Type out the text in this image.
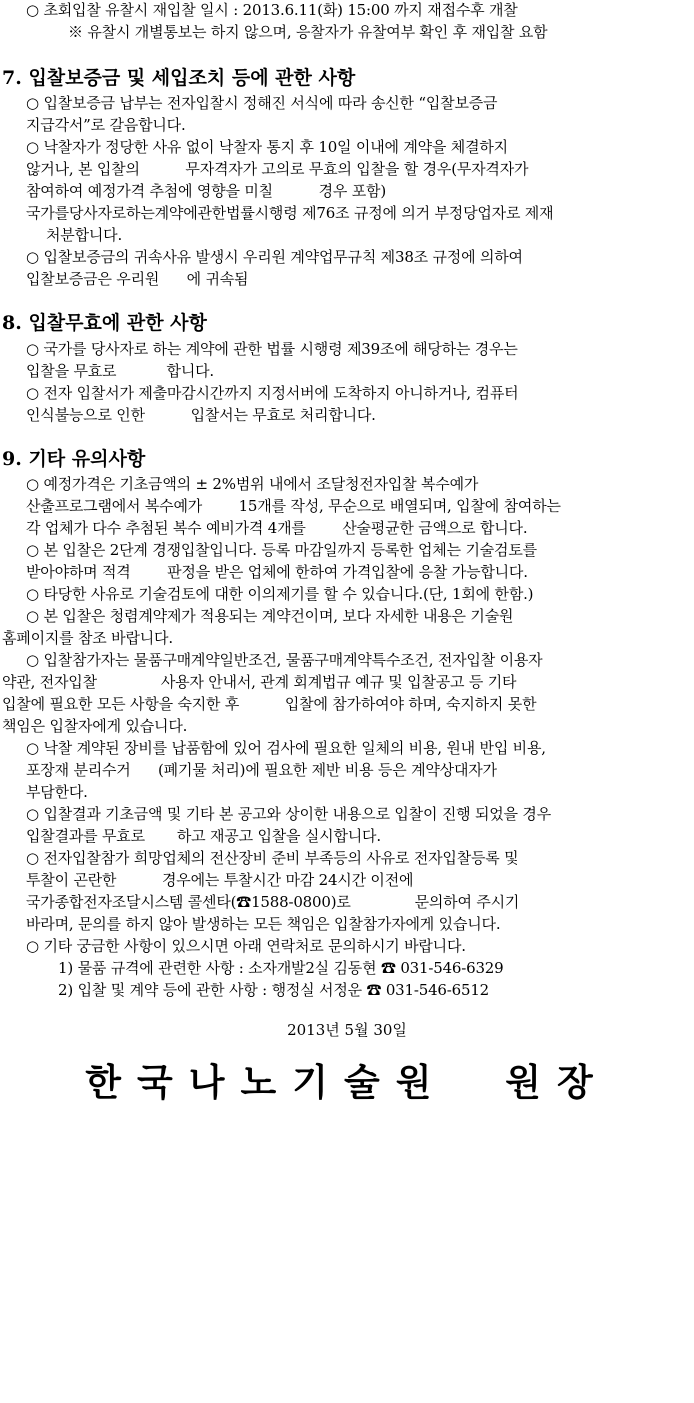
○ 초회입찰 유찰시 재입찰 일시 : 2013.6.11(화) 15:00 까지 재접수후 개찰
※ 유찰시 개별통보는 하지 않으며, 응찰자가 유찰여부 확인 후 재입찰 요함
7. 입찰보증금 및 세입조치 등에 관한 사항
○ 입찰보증금 납부는 전자입찰시 정해진 서식에 따라 송신한 “입찰보증금
지급각서”로 갈음합니다.
○ 낙찰자가 정당한 사유 없이 낙찰자 통지 후 10일 이내에 계약을 체결하지
않거나, 본 입찰의          무자격자가 고의로 무효의 입찰을 할 경우(무자격자가
참여하여 예정가격 추첨에 영향을 미칠          경우 포함)
국가를당사자로하는계약에관한법률시행령 제76조 규정에 의거 부정당업자로 제재
처분합니다.
○ 입찰보증금의 귀속사유 발생시 우리원 계약업무규칙 제38조 규정에 의하여
입찰보증금은 우리원      에 귀속됨
8. 입찰무효에 관한 사항
○ 국가를 당사자로 하는 계약에 관한 법률 시행령 제39조에 해당하는 경우는
입찰을 무효로           합니다.
○ 전자 입찰서가 제출마감시간까지 지정서버에 도착하지 아니하거나, 컴퓨터
인식불능으로 인한          입찰서는 무효로 처리합니다.
9. 기타 유의사항
○ 예정가격은 기초금액의 ± 2%범위 내에서 조달청전자입찰 복수예가
산출프로그램에서 복수예가        15개를 작성, 무순으로 배열되며, 입찰에 참여하는
각 업체가 다수 추첨된 복수 예비가격 4개를        산술평균한 금액으로 합니다.
○ 본 입찰은 2단계 경쟁입찰입니다. 등록 마감일까지 등록한 업체는 기술검토를
받아야하며 적격        판정을 받은 업체에 한하여 가격입찰에 응찰 가능합니다.
○ 타당한 사유로 기술검토에 대한 이의제기를 할 수 있습니다.(단, 1회에 한함.)
○ 본 입찰은 청렴계약제가 적용되는 계약건이며, 보다 자세한 내용은 기술원
홈페이지를 참조 바랍니다.
○ 입찰참가자는 물품구매계약일반조건, 물품구매계약특수조건, 전자입찰 이용자
약관, 전자입찰              사용자 안내서, 관계 회계법규 예규 및 입찰공고 등 기타
입찰에 필요한 모든 사항을 숙지한 후          입찰에 참가하여야 하며, 숙지하지 못한
책임은 입찰자에게 있습니다.
○ 낙찰 계약된 장비를 납품함에 있어 검사에 필요한 일체의 비용, 원내 반입 비용,
포장재 분리수거      (폐기물 처리)에 필요한 제반 비용 등은 계약상대자가
부담한다.
○ 입찰결과 기초금액 및 기타 본 공고와 상이한 내용으로 입찰이 진행 되었을 경우
입찰결과를 무효로       하고 재공고 입찰을 실시합니다.
○ 전자입찰참가 희망업체의 전산장비 준비 부족등의 사유로 전자입찰등록 및
투찰이 곤란한          경우에는 투찰시간 마감 24시간 이전에
국가종합전자조달시스템 콜센타(☎1588-0800)로              문의하여 주시기
바라며, 문의를 하지 않아 발생하는 모든 책임은 입찰참가자에게 있습니다.
○ 기타 궁금한 사항이 있으시면 아래 연락처로 문의하시기 바랍니다.
1) 물품 규격에 관련한 사항 : 소자개발2실 김동현 ☎ 031-546-6329
2) 입찰 및 계약 등에 관한 사항 : 행정실 서정운 ☎ 031-546-6512
2013년 5월 30일
한국나노기술원  원장
